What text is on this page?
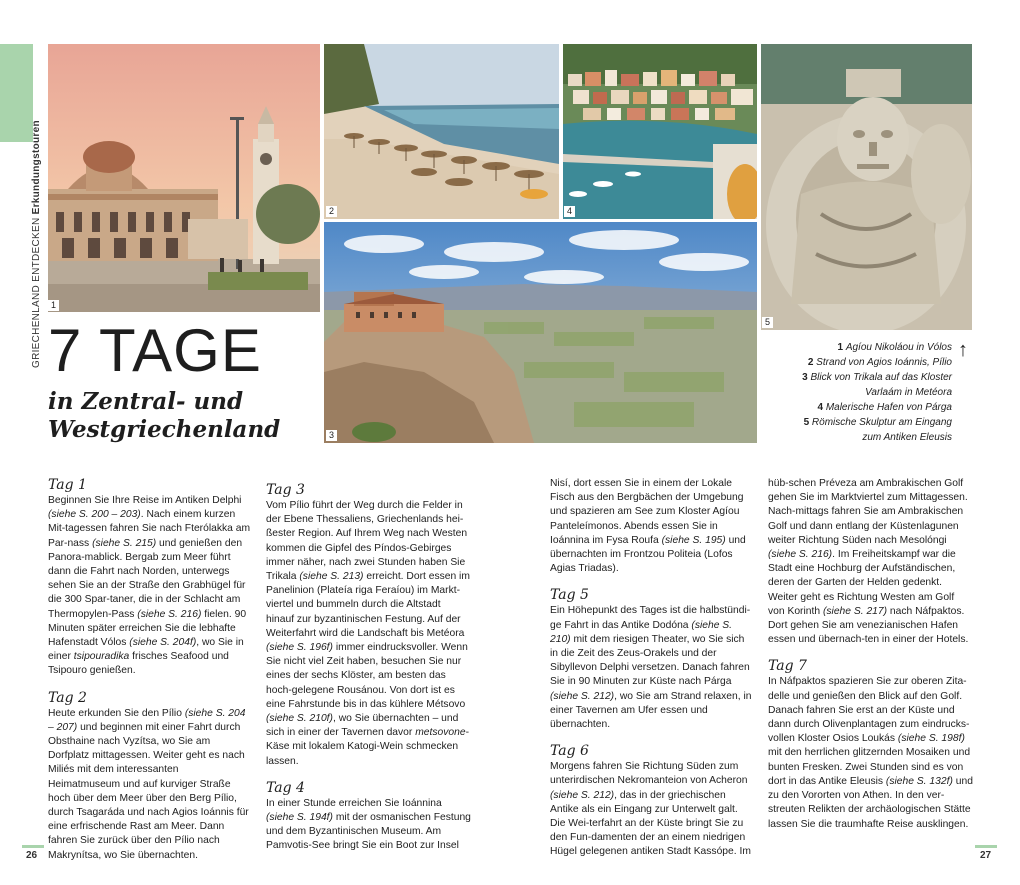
GRIECHENLAND ENTDECKEN Erkundungstouren
1
2	4
3
5
7 TAGE
in Zentral- und
Westgriechenland
1 Agíou Nikoláou in Vólos
2 Strand von Agios Ioánnis, Pílio
3 Blick von Trikala auf das Kloster
Varlaám in Metéora
4 Malerische Hafen von Párga
5 Römische Skulptur am Eingang
zum Antiken Eleusis
↑
Tag 1

Beginnen Sie Ihre Reise im Antiken Delphi (siehe S. 200 – 203). Nach einem kurzen Mit-tagessen fahren Sie nach Fterólakka am Par-nass (siehe S. 215) und genießen den Panora-mablick. Bergab zum Meer führt dann die Fahrt nach Norden, unterwegs sehen Sie an der Straße den Grabhügel für die 300 Spar-taner, die in der Schlacht am Thermopylen-Pass (siehe S. 216) fielen. 90 Minuten später erreichen Sie die lebhafte Hafenstadt Vólos (siehe S. 204f), wo Sie in einer tsipouradika frisches Seafood und Tsipouro genießen.

Tag 2

Heute erkunden Sie den Pílio (siehe S. 204 – 207) und beginnen mit einer Fahrt durch Obsthaine nach Vyzítsa, wo Sie am Dorfplatz mittagessen. Weiter geht es nach Miliés mit dem interessanten Heimatmuseum und auf kurviger Straße hoch über dem Meer über den Berg Pílio, durch Tsagaráda und nach Agios Ioánnis für eine erfrischende Rast am Meer. Dann fahren Sie zurück über den Pílio nach Makrynítsa, wo Sie übernachten.

Tag 3

Vom Pílio führt der Weg durch die Felder in der Ebene Thessaliens, Griechenlands hei-ßester Region. Auf Ihrem Weg nach Westen kommen die Gipfel des Píndos-Gebirges immer näher, nach zwei Stunden haben Sie Trikala (siehe S. 213) erreicht. Dort essen im Panelinion (Plateía riga Feraíou) im Markt-viertel und bummeln durch die Altstadt hinauf zur byzantinischen Festung. Auf der Weiterfahrt wird die Landschaft bis Metéora (siehe S. 196f) immer eindrucksvoller. Wenn Sie nicht viel Zeit haben, besuchen Sie nur eines der sechs Klöster, am besten das hoch-gelegene Rousánou. Von dort ist es eine Fahrstunde bis in das kühlere Métsovo (siehe S. 210f), wo Sie übernachten – und sich in einer der Tavernen davor metsovone-Käse mit lokalem Katogi-Wein schmecken lassen.

Tag 4

In einer Stunde erreichen Sie Ioánnina (siehe S. 194f) mit der osmanischen Festung und dem Byzantinischen Museum. Am Pamvotis-See bringt Sie ein Boot zur Insel

Nisí, dort essen Sie in einem der Lokale Fisch aus den Bergbächen der Umgebung und spazieren am See zum Kloster Agíou Panteleímonos. Abends essen Sie in Ioánnina im Fysa Roufa (siehe S. 195) und übernachten im Frontzou Politeia (Lofos Agias Triadas).

Tag 5

Ein Höhepunkt des Tages ist die halbstündi-ge Fahrt in das Antike Dodóna (siehe S. 210) mit dem riesigen Theater, wo Sie sich in die Zeit des Zeus-Orakels und der Sibyllevon Delphi versetzen. Danach fahren Sie in 90 Minuten zur Küste nach Párga (siehe S. 212), wo Sie am Strand relaxen, in einer Tavernen am Ufer essen und übernachten.

Tag 6

Morgens fahren Sie Richtung Süden zum unterirdischen Nekromanteion von Acheron (siehe S. 212), das in der griechischen Antike als ein Eingang zur Unterwelt galt. Die Wei-terfahrt an der Küste bringt Sie zu den Fun-damenten der an einem niedrigen Hügel gelegenen antiken Stadt Kassópe. Im

hüb-schen Préveza am Ambrakischen Golf gehen Sie im Marktviertel zum Mittagessen. Nach-mittags fahren Sie am Ambrakischen Golf und dann entlang der Küstenlagunen weiter Richtung Süden nach Mesolóngi (siehe S. 216). Im Freiheitskampf war die Stadt eine Hochburg der Aufständischen, deren der Garten der Helden gedenkt. Weiter geht es Richtung Westen am Golf von Korinth (siehe S. 217) nach Náfpaktos. Dort gehen Sie am venezianischen Hafen essen und übernach-ten in einer der Hotels.

Tag 7

In Náfpaktos spazieren Sie zur oberen Zita-delle und genießen den Blick auf den Golf. Danach fahren Sie erst an der Küste und dann durch Olivenplantagen zum eindrucks-vollen Kloster Osios Loukás (siehe S. 198f) mit den herrlichen glitzernden Mosaiken und bunten Fresken. Zwei Stunden sind es von dort in das Antike Eleusis (siehe S. 132f) und zu den Vororten von Athen. In den ver-streuten Relikten der archäologischen Stätte lassen Sie die traumhafte Reise ausklingen.

26	27
